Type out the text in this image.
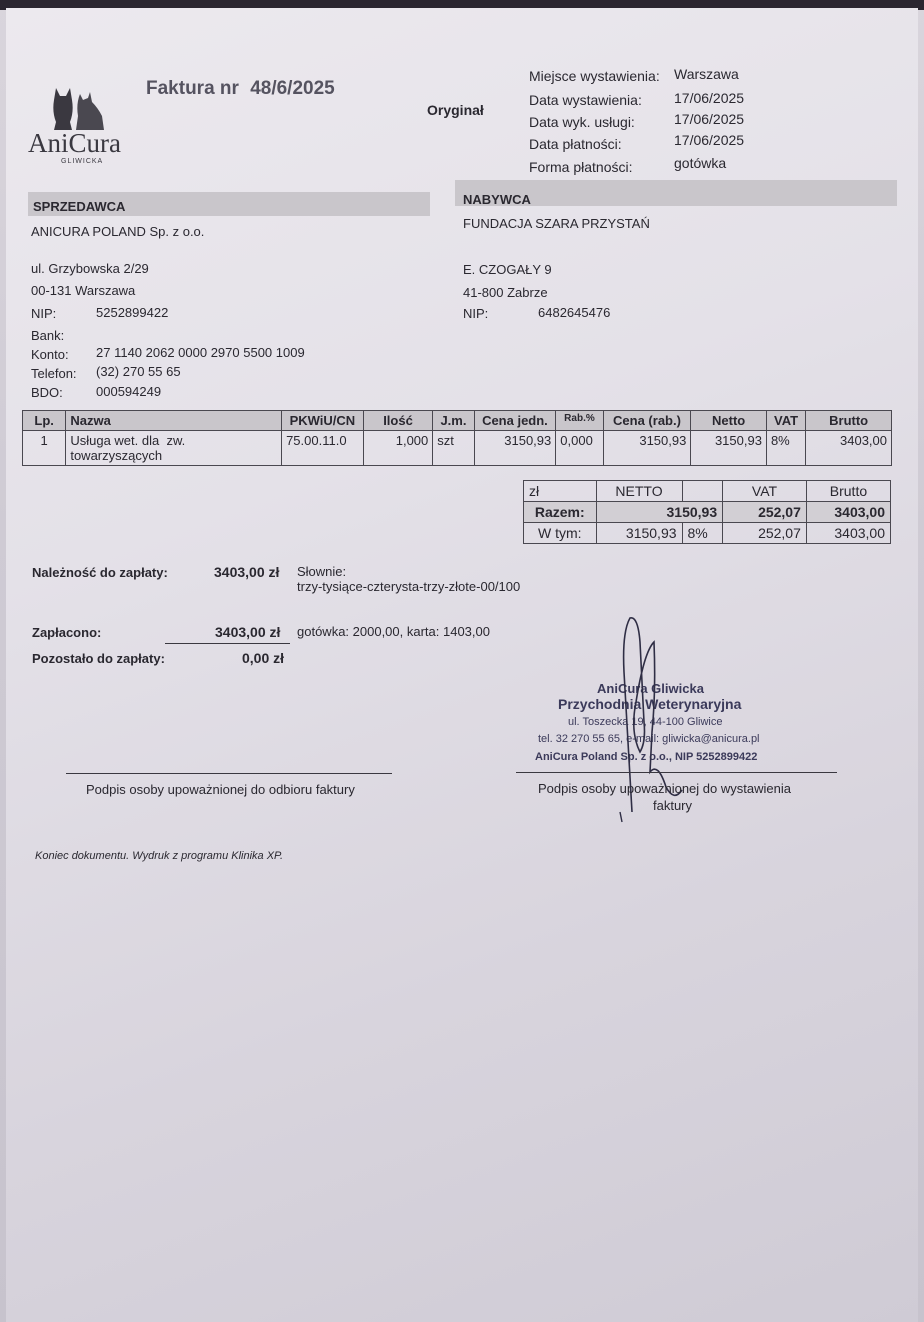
AniCura
GLIWICKA
Faktura nr 48/6/2025
Oryginał
Miejsce wystawienia: Warszawa
Data wystawienia: 17/06/2025
Data wyk. usługi:	17/06/2025
Data płatności:	17/06/2025
Forma płatności:	gotówka
SPRZEDAWCA	NABYWCA
ANICURA POLAND Sp. z o.o.
ul. Grzybowska 2/29
00-131 Warszawa
NIP:	5252899422
Bank:
Konto: 27 1140 2062 0000 2970 5500 1009
Telefon: (32) 270 55 65
BDO:	000594249
FUNDACJA SZARA PRZYSTAŃ
E. CZOGAŁY 9
41-800 Zabrze
NIP:	6482645476
Lp.	Nazwa	PKWiU/CN	Ilość	J.m.	Cena jedn.	Rab.%	Cena (rab.)	Netto	VAT	Brutto
1	Usługa wet. dla  zw.
towarzyszących	75.00.11.0	1,000	szt	3150,93	0,000	3150,93	3150,93	8%	3403,00
zł	NETTO		VAT	Brutto
Razem:	3150,93		252,07	3403,00
W tym:	3150,93	8%	252,07	3403,00
Należność do zapłaty:	3403,00 zł Słownie:
trzy-tysiące-czterysta-trzy-złote-00/100
Zapłacono:	3403,00 zł gotówka: 2000,00, karta: 1403,00
Pozostało do zapłaty:	0,00 zł
AniCura Gliwicka
Przychodnia Weterynaryjna
ul. Toszecka 19, 44-100 Gliwice
tel. 32 270 55 65, e-mail: gliwicka@anicura.pl
AniCura Poland Sp. z o.o., NIP 5252899422
Podpis osoby upoważnionej do odbioru faktury	Podpis osoby upoważnionej do wystawienia
faktury
Koniec dokumentu. Wydruk z programu Klinika XP.
